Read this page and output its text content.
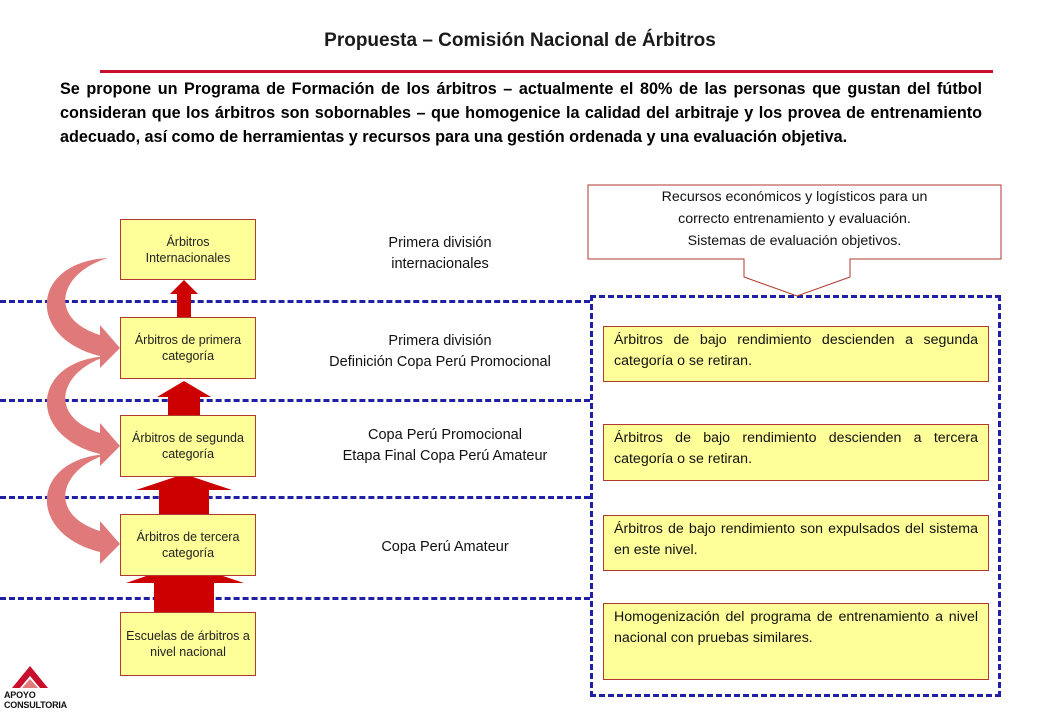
Propuesta – Comisión Nacional de Árbitros
Se propone un Programa de Formación de los árbitros – actualmente el 80% de las personas que gustan del fútbol consideran que los árbitros son sobornables – que homogenice la calidad del arbitraje y los provea de entrenamiento adecuado, así como de herramientas y recursos para una gestión ordenada y una evaluación objetiva.
Árbitros Internacionales
Árbitros de primera categoría
Árbitros de segunda categoría
Árbitros de tercera categoría
Escuelas de árbitros a nivel nacional
Primera división
internacionales
Primera división
Definición Copa Perú Promocional
Copa Perú Promocional
Etapa Final Copa Perú Amateur
Copa Perú Amateur
Recursos económicos y logísticos para un
correcto entrenamiento y evaluación.
Sistemas de evaluación objetivos.
Árbitros de bajo rendimiento descienden a segunda categoría o se retiran.
Árbitros de bajo rendimiento descienden a tercera categoría o se retiran.
Árbitros de bajo rendimiento son expulsados del sistema en este nivel.
Homogenización del programa de entrenamiento a nivel nacional con pruebas similares.
APOYO
CONSULTORIA
